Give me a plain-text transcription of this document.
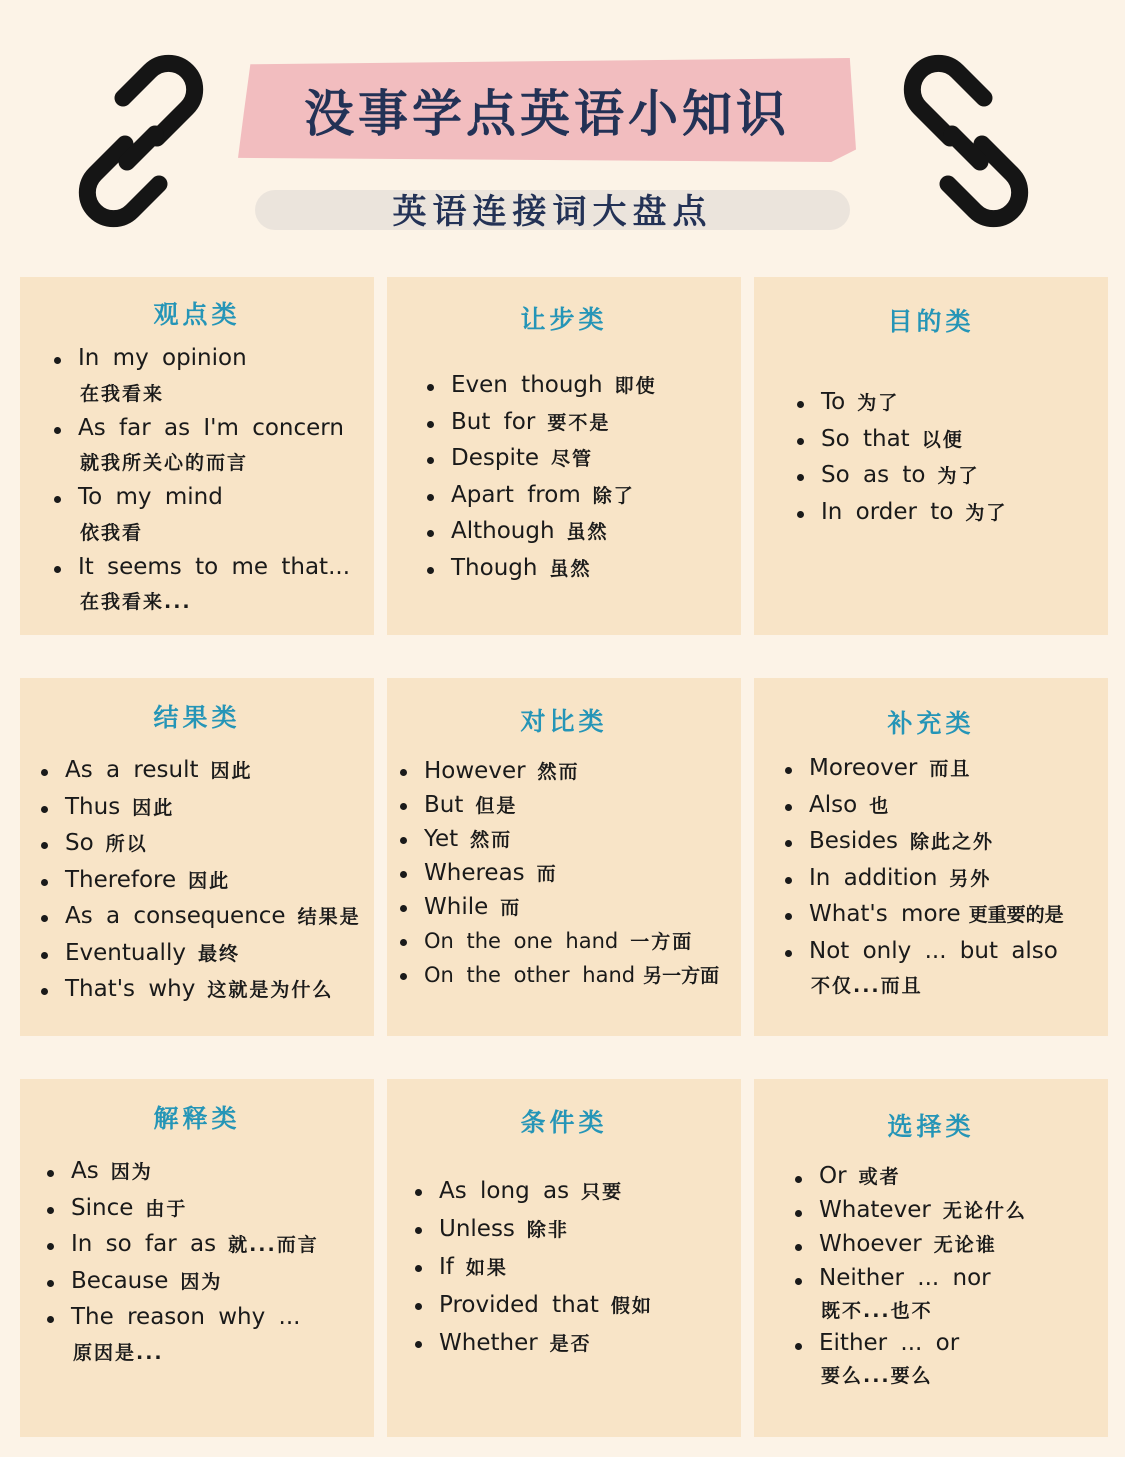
没事学点英语小知识
英语连接词大盘点
观点类
In my opinion
在我看来
As far as I'm concern
就我所关心的而言
To my mind
依我看
It seems to me that...
在我看来...
让步类
Even though 即使
But for 要不是
Despite 尽管
Apart from 除了
Although 虽然
Though 虽然
目的类
To 为了
So that 以便
So as to 为了
In order to 为了
结果类
As a result 因此
Thus 因此
So 所以
Therefore 因此
As a consequence 结果是
Eventually 最终
That's why 这就是为什么
对比类
However 然而
But 但是
Yet 然而
Whereas 而
While 而
On the one hand 一方面
On the other hand 另一方面
补充类
Moreover 而且
Also 也
Besides 除此之外
In addition 另外
What's more 更重要的是
Not only ... but also
不仅...而且
解释类
As 因为
Since 由于
In so far as 就...而言
Because 因为
The reason why ...
原因是...
条件类
As long as 只要
Unless 除非
If 如果
Provided that 假如
Whether 是否
选择类
Or 或者
Whatever 无论什么
Whoever 无论谁
Neither ... nor
既不...也不
Either ... or
要么...要么
